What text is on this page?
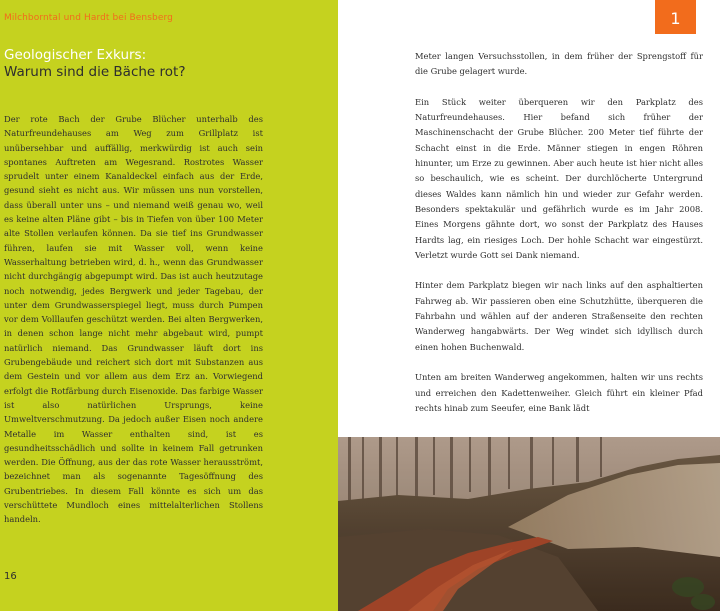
Milchborntal und Hardt bei Bensberg
Geologischer Exkurs:
Warum sind die Bäche rot?

Der rote Bach der Grube Blücher unterhalb des Naturfreundehauses am Weg zum Grillplatz ist unübersehbar und auffällig, merkwürdig ist auch sein spontanes Auftreten am Wegesrand. Rostrotes Wasser sprudelt unter einem Kanaldeckel einfach aus der Erde, gesund sieht es nicht aus. Wir müssen uns nun vorstellen, dass überall unter uns – und niemand weiß genau wo, weil es keine alten Pläne gibt – bis in Tiefen von über 100 Meter alte Stollen verlaufen können. Da sie tief ins Grundwasser führen, laufen sie mit Wasser voll, wenn keine Wasserhaltung betrieben wird, d. h., wenn das Grundwasser nicht durchgängig abgepumpt wird. Das ist auch heutzutage noch notwendig, jedes Bergwerk und jeder Tagebau, der unter dem Grundwasserspiegel liegt, muss durch Pumpen vor dem Volllaufen geschützt werden. Bei alten Bergwerken, in denen schon lange nicht mehr abgebaut wird, pumpt natürlich niemand. Das Grundwasser läuft dort ins Grubengebäude und reichert sich dort mit Substanzen aus dem Gestein und vor allem aus dem Erz an. Vorwiegend erfolgt die Rotfärbung durch Eisenoxide. Das farbige Wasser ist also natürlichen Ursprungs, keine Umweltverschmutzung. Da jedoch außer Eisen noch andere Metalle im Wasser enthalten sind, ist es gesundheitsschädlich und sollte in keinem Fall getrunken werden. Die Öffnung, aus der das rote Wasser herausströmt, bezeichnet man als sogenannte Tagesöffnung des Grubentriebes. In diesem Fall könnte es sich um das verschüttete Mundloch eines mittelalterlichen Stollens handeln.

16
1

Meter langen Versuchsstollen, in dem früher der Sprengstoff für die Grube gelagert wurde.

Ein Stück weiter überqueren wir den Parkplatz des Naturfreundehauses. Hier befand sich früher der Maschinenschacht der Grube Blücher. 200 Meter tief führte der Schacht einst in die Erde. Männer stiegen in engen Röhren hinunter, um Erze zu gewinnen. Aber auch heute ist hier nicht alles so beschaulich, wie es scheint. Der durchlöcherte Untergrund dieses Waldes kann nämlich hin und wieder zur Gefahr werden. Besonders spektakulär und gefährlich wurde es im Jahr 2008. Eines Morgens gähnte dort, wo sonst der Parkplatz des Hauses Hardts lag, ein riesiges Loch. Der hohle Schacht war eingestürzt. Verletzt wurde Gott sei Dank niemand.

Hinter dem Parkplatz biegen wir nach links auf den asphaltierten Fahrweg ab. Wir passieren oben eine Schutzhütte, überqueren die Fahrbahn und wählen auf der anderen Straßenseite den rechten Wanderweg hangabwärts. Der Weg windet sich idyllisch durch einen hohen Buchenwald.

Unten am breiten Wanderweg angekommen, halten wir uns rechts und erreichen den Kadettenweiher. Gleich führt ein kleiner Pfad rechts hinab zum Seeufer, eine Bank lädt
